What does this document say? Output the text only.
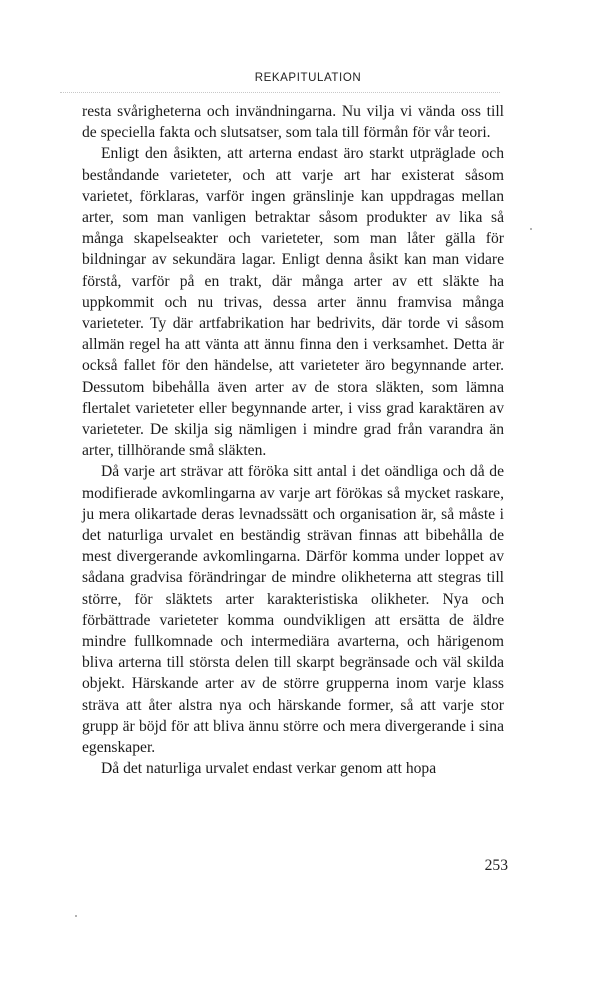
REKAPITULATION

resta svårigheterna och invändningarna. Nu vilja vi vända oss till de speciella fakta och slutsatser, som tala till förmån för vår teori.

Enligt den åsikten, att arterna endast äro starkt utpräglade och beståndande varieteter, och att varje art har existerat såsom varietet, förklaras, varför ingen gränslinje kan uppdragas mellan arter, som man vanligen betraktar såsom produkter av lika så många skapelseakter och varieteter, som man låter gälla för bildningar av sekundära lagar. Enligt denna åsikt kan man vidare förstå, varför på en trakt, där många arter av ett släkte ha uppkommit och nu trivas, dessa arter ännu framvisa många varieteter. Ty där artfabrikation har bedrivits, där torde vi såsom allmän regel ha att vänta att ännu finna den i verksamhet. Detta är också fallet för den händelse, att varieteter äro begynnande arter. Dessutom bibehålla även arter av de stora släkten, som lämna flertalet varieteter eller begynnande arter, i viss grad karaktären av varieteter. De skilja sig nämligen i mindre grad från varandra än arter, tillhörande små släkten.

Då varje art strävar att föröka sitt antal i det oändliga och då de modifierade avkomlingarna av varje art förökas så mycket raskare, ju mera olikartade deras levnadssätt och organisation är, så måste i det naturliga urvalet en beständig strävan finnas att bibehålla de mest divergerande avkomlingarna. Därför komma under loppet av sådana gradvisa förändringar de mindre olikheterna att stegras till större, för släktets arter karakteristiska olikheter. Nya och förbättrade varieteter komma oundvikligen att ersätta de äldre mindre fullkomnade och intermediära avarterna, och härigenom bliva arterna till största delen till skarpt begränsade och väl skilda objekt. Härskande arter av de större grupperna inom varje klass sträva att åter alstra nya och härskande former, så att varje stor grupp är böjd för att bliva ännu större och mera divergerande i sina egenskaper.

Då det naturliga urvalet endast verkar genom att hopa

253
